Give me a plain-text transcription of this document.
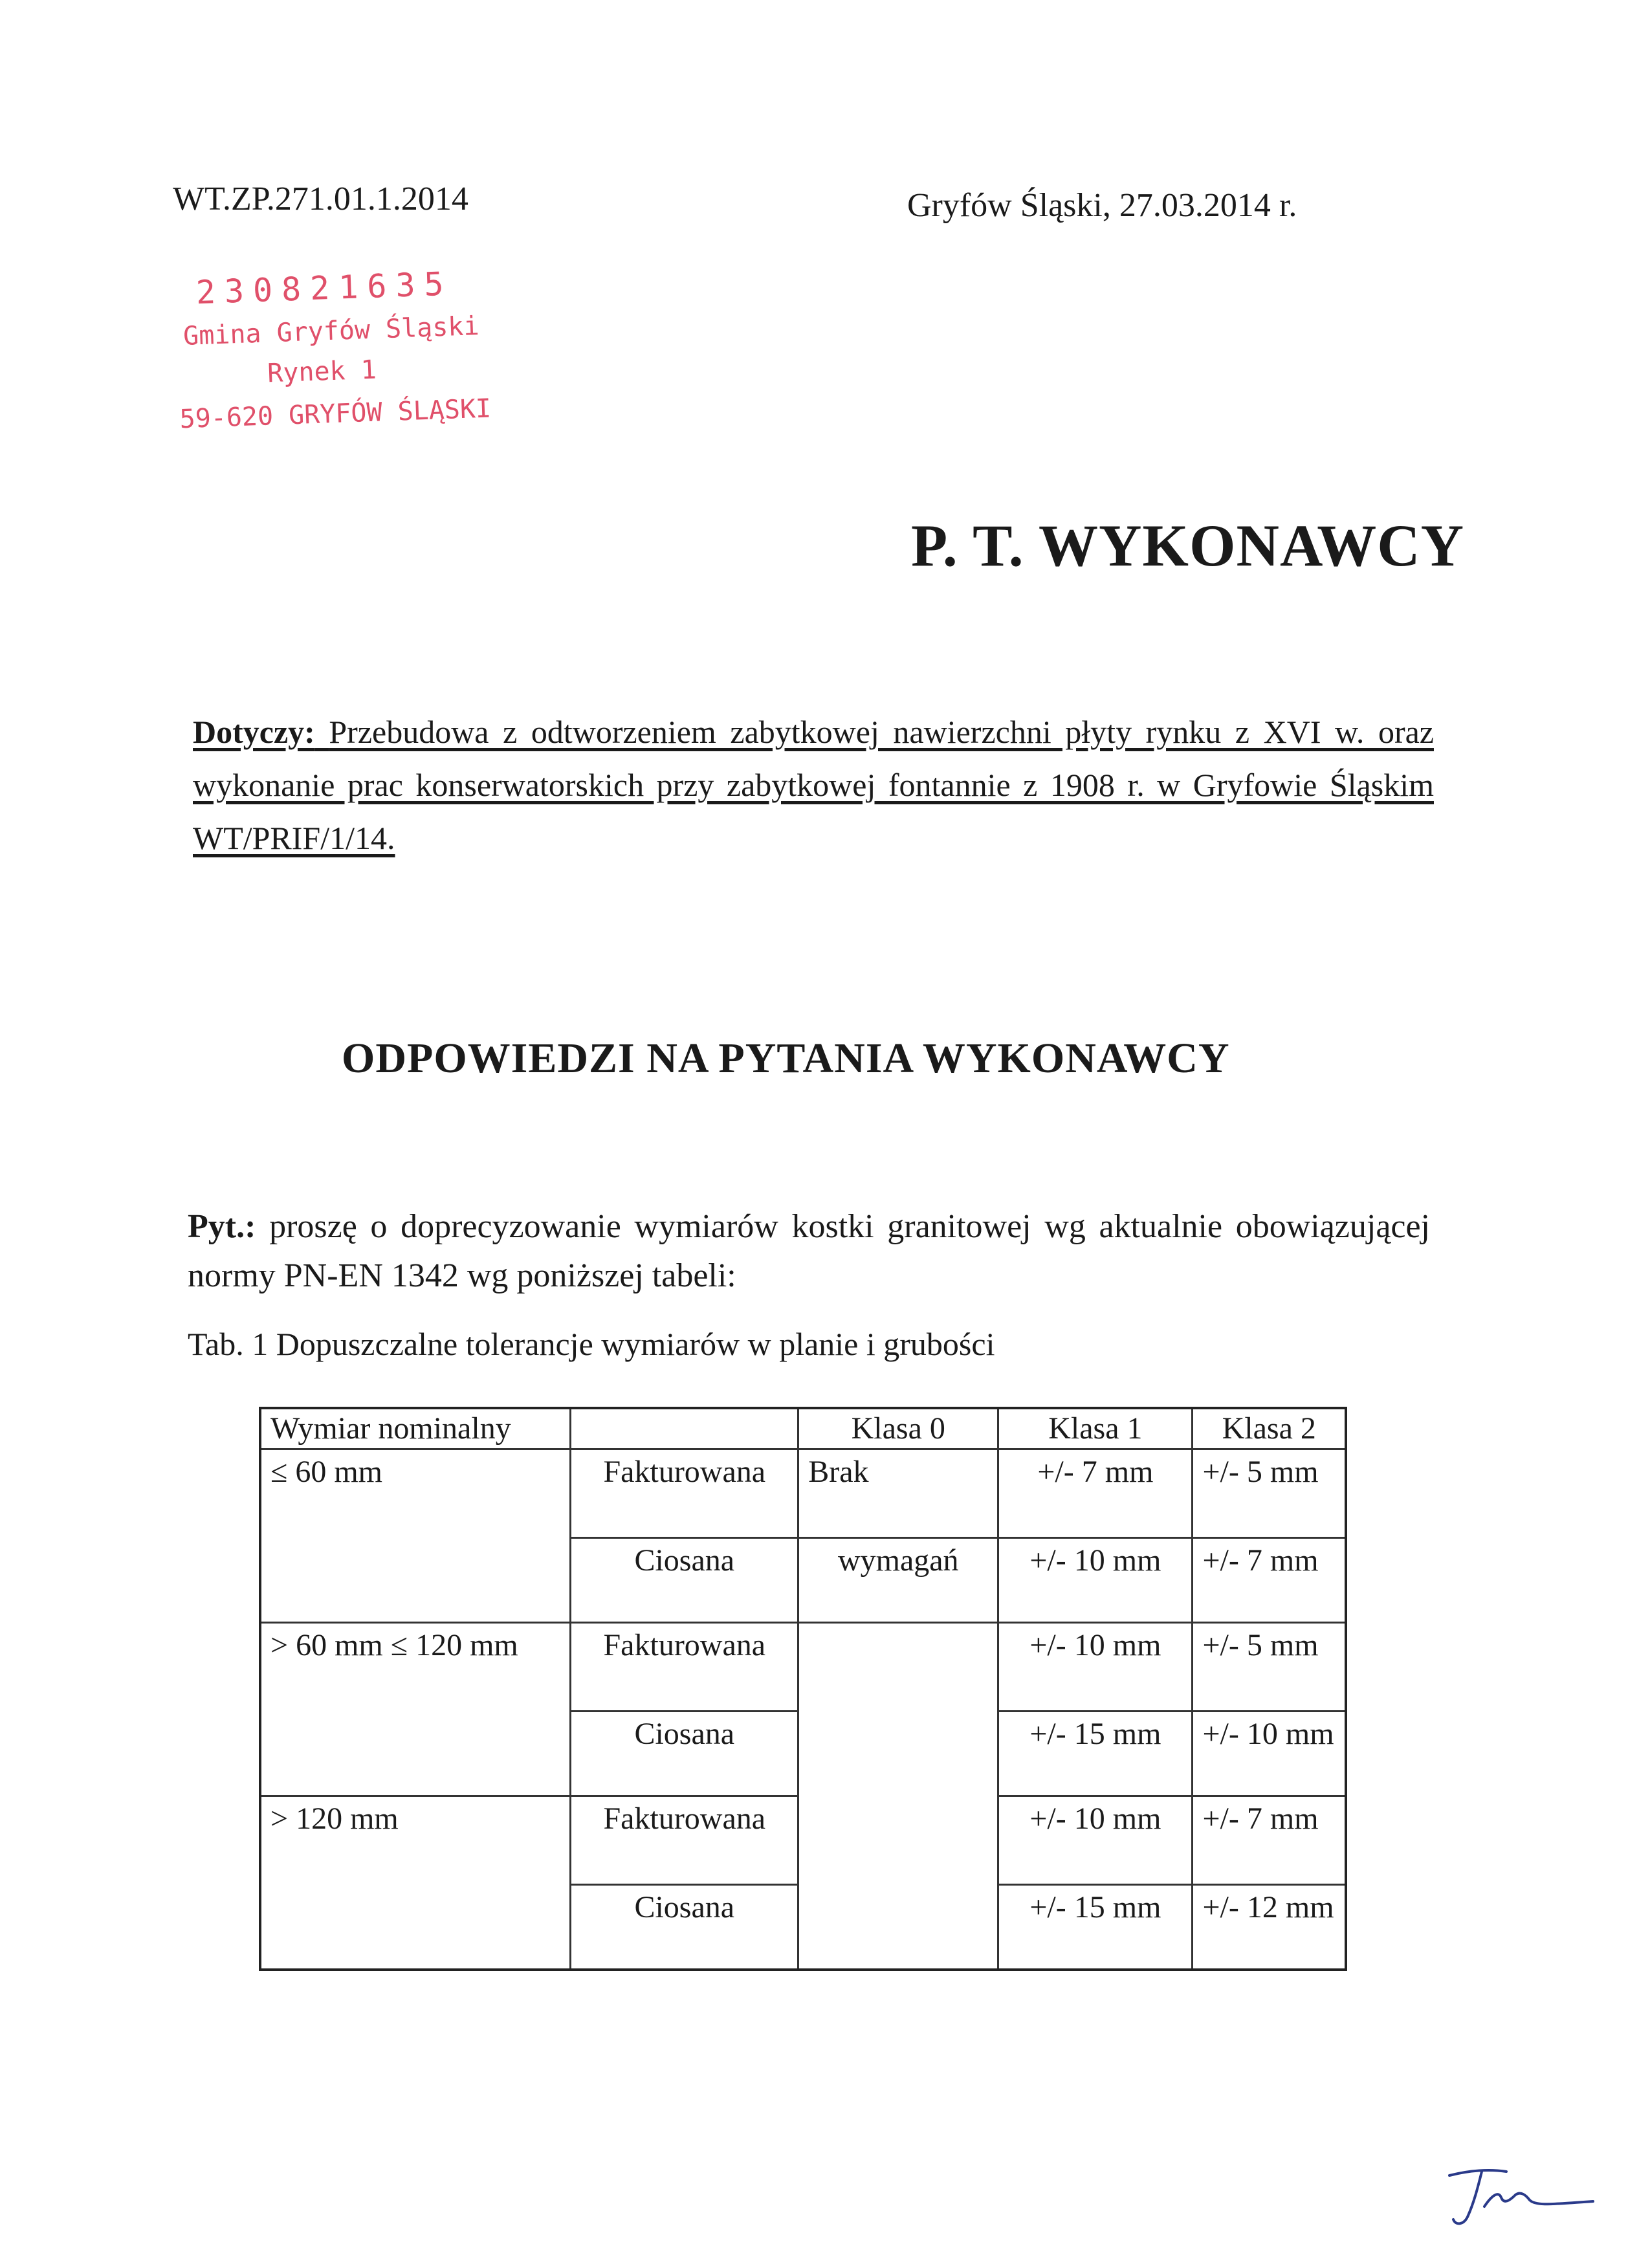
WT.ZP.271.01.1.2014	Gryfów Śląski, 27.03.2014 r.
230821635
Gmina Gryfów Śląski
Rynek 1
59-620 GRYFÓW ŚLĄSKI
P. T. WYKONAWCY
Dotyczy: Przebudowa z odtworzeniem zabytkowej nawierzchni płyty rynku z XVI w. oraz wykonanie prac konserwatorskich przy zabytkowej fontannie z 1908 r. w Gryfowie Śląskim WT/PRIF/1/14.
ODPOWIEDZI NA PYTANIA WYKONAWCY
Pyt.: proszę o doprecyzowanie wymiarów kostki granitowej wg aktualnie obowiązującej normy PN-EN 1342 wg poniższej tabeli:
Tab. 1 Dopuszczalne tolerancje wymiarów w planie i grubości
Wymiar nominalny		Klasa 0	Klasa 1	Klasa 2
≤ 60 mm	Fakturowana	Brak	+/- 7 mm	+/- 5 mm
	Ciosana	wymagań	+/- 10 mm	+/- 7 mm
> 60 mm ≤ 120 mm	Fakturowana		+/- 10 mm	+/- 5 mm
	Ciosana		+/- 15 mm	+/- 10 mm
> 120 mm	Fakturowana		+/- 10 mm	+/- 7 mm
	Ciosana		+/- 15 mm	+/- 12 mm
